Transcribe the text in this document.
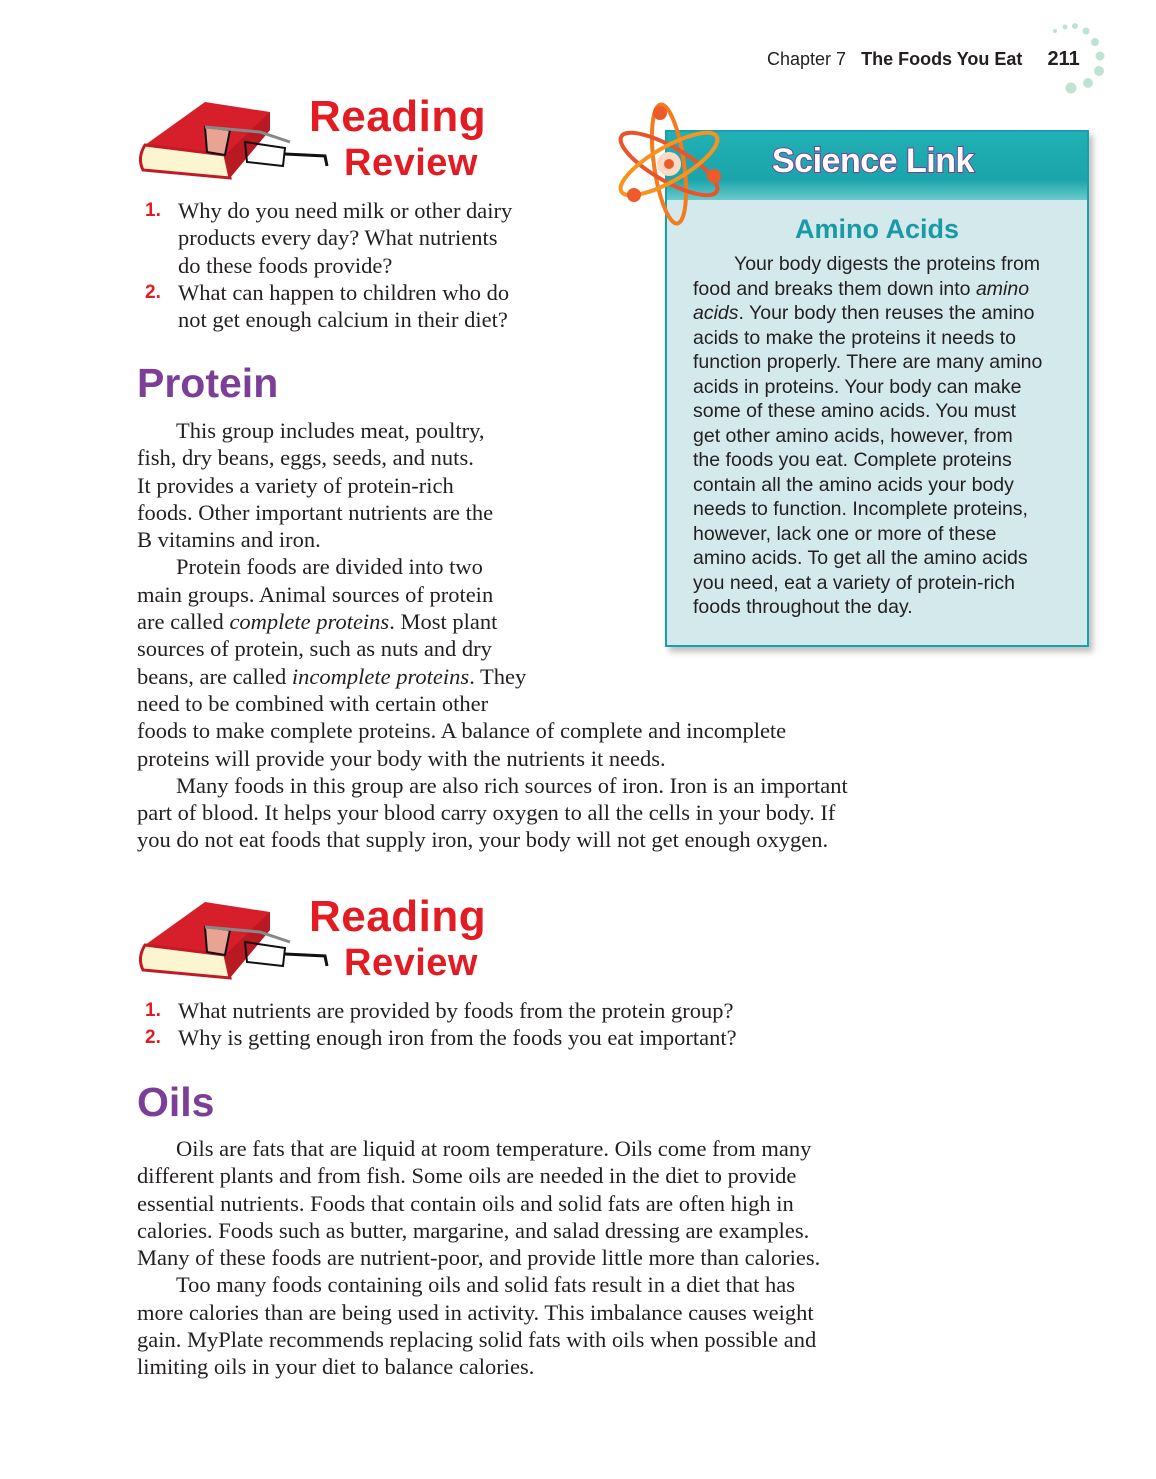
Chapter 7 The Foods You Eat 211
Reading
Review
1. Why do you need milk or other dairy
products every day? What nutrients
do these foods provide?
2. What can happen to children who do
not get enough calcium in their diet?
Protein
This group includes meat, poultry,
fish, dry beans, eggs, seeds, and nuts.
It provides a variety of protein-rich
foods. Other important nutrients are the
B vitamins and iron.
Protein foods are divided into two
main groups. Animal sources of protein
are called complete proteins. Most plant
sources of protein, such as nuts and dry
beans, are called incomplete proteins. They
need to be combined with certain other
foods to make complete proteins. A balance of complete and incomplete
proteins will provide your body with the nutrients it needs.
Many foods in this group are also rich sources of iron. Iron is an important
part of blood. It helps your blood carry oxygen to all the cells in your body. If
you do not eat foods that supply iron, your body will not get enough oxygen.
Science Link
Amino Acids
Your body digests the proteins from
food and breaks them down into amino
acids. Your body then reuses the amino
acids to make the proteins it needs to
function properly. There are many amino
acids in proteins. Your body can make
some of these amino acids. You must
get other amino acids, however, from
the foods you eat. Complete proteins
contain all the amino acids your body
needs to function. Incomplete proteins,
however, lack one or more of these
amino acids. To get all the amino acids
you need, eat a variety of protein-rich
foods throughout the day.
Reading
Review
1. What nutrients are provided by foods from the protein group?
2. Why is getting enough iron from the foods you eat important?
Oils
Oils are fats that are liquid at room temperature. Oils come from many
different plants and from fish. Some oils are needed in the diet to provide
essential nutrients. Foods that contain oils and solid fats are often high in
calories. Foods such as butter, margarine, and salad dressing are examples.
Many of these foods are nutrient-poor, and provide little more than calories.
Too many foods containing oils and solid fats result in a diet that has
more calories than are being used in activity. This imbalance causes weight
gain. MyPlate recommends replacing solid fats with oils when possible and
limiting oils in your diet to balance calories.
